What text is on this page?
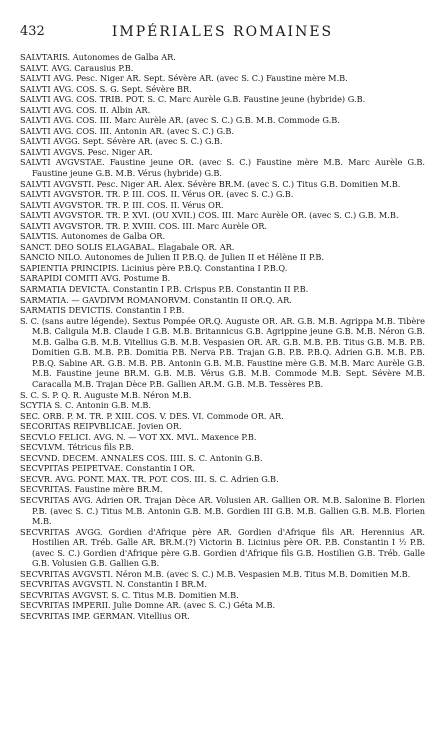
432	IMPÉRIALES ROMAINES

SALVTARIS. Autonomes de Galba AR.

SALVT. AVG. Carausius P.B.

SALVTI AVG. Pesc. Niger AR. Sept. Sévère AR. (avec S. C.) Faustine mère M.B.

SALVTI AVG. COS. S. G. Sept. Sévère BR.

SALVTI AVG. COS. TRIB. POT. S. C. Marc Aurèle G.B. Faustine jeune (hybride) G.B.

SALVTI AVG. COS. II. Albin AR.

SALVTI AVG. COS. III. Marc Aurèle AR. (avec S. C.) G.B. M.B. Commode G.B.

SALVTI AVG. COS. III. Antonin AR. (avec S. C.) G.B.

SALVTI AVGG. Sept. Sévère AR. (avec S. C.) G.B.

SALVTI AVGVS. Pesc. Niger AR.

SALVTI AVGVSTAE. Faustine jeune OR. (avec S. C.) Faustine mère M.B. Marc Aurèle G.B. Faustine jeune G.B. M.B. Vérus (hybride) G.B.

SALVTI AVGVSTI. Pesc. Niger AR. Alex. Sévère BR.M. (avec S. C.) Titus G.B. Domitien M.B.

SALVTI AVGVSTOR. TR. P. III. COS. II. Vérus OR. (avec S. C.) G.B.

SALVTI AVGVSTOR. TR. P. III. COS. II. Vérus OR.

SALVTI AVGVSTOR. TR. P. XVI. (OU XVII.) COS. III. Marc Aurèle OR. (avec S. C.) G.B. M.B.

SALVTI AVGVSTOR. TR. P. XVIII. COS. III. Marc Aurèle OR.

SALVTIS. Autonomes de Galba OR.

SANCT. DEO SOLIS ELAGABAL. Elagabale OR. AR.

SANCIO NILO. Autonomes de Julien II P.B.Q. de Julien II et Hélène II P.B.

SAPIENTIA PRINCIPIS. Licinius père P.B.Q. Constantina I P.B.Q.

SARAPIDI COMITI AVG. Postume B.

SARMATIA DEVICTA. Constantin I P.B. Crispus P.B. Constantin II P.B.

SARMATIA. — GAVDIVM ROMANORVM. Constantin II OR.Q. AR.

SARMATIS DEVICTIS. Constantin I P.B.

S. C. (sans autre légende). Sextus Pompée OR.Q. Auguste OR. AR. G.B. M.B. Agrippa M.B. Tibère M.B. Caligula M.B. Claude I G.B. M.B. Britannicus G.B. Agrippine jeune G.B. M.B. Néron G.B. M.B. Galba G.B. M.B. Vitellius G.B. M.B. Vespasien OR. AR. G.B. M.B. P.B. Titus G.B. M.B. P.B. Domitien G.B. M.B. P.B. Domitia P.B. Nerva P.B. Trajan G.B. P.B. P.B.Q. Adrien G.B. M.B. P.B. P.B.Q. Sabine AR. G.B. M.B. P.B. Antonin G.B. M.B. Faustine mère G.B. M.B. Marc Aurèle G.B. M.B. Faustine jeune BR.M. G.B. M.B. Vérus G.B. M.B. Commode M.B. Sept. Sévère M.B. Caracalla M.B. Trajan Dèce P.B. Gallien AR.M. G.B. M.B. Tessères P.B.

S. C. S. P. Q. R. Auguste M.B. Néron M.B.

SCYTIA S. C. Antonin G.B. M.B.

SEC. ORB. P. M. TR. P. XIII. COS. V. DES. VI. Commode OR. AR.

SECORITAS REIPVBLICAE. Jovien OR.

SECVLO FELICI. AVG. N. — VOT XX. MVL. Maxence P.B.

SECVLVM. Tétricus fils P.B.

SECVND. DECEM. ANNALES COS. IIII. S. C. Antonin G.B.

SECVPITAS PEIPETVAE. Constantin I OR.

SECVR. AVG. PONT. MAX. TR. POT. COS. III. S. C. Adrien G.B.

SECVRITAS. Faustine mère BR.M.

SECVRITAS AVG. Adrien OR. Trajan Dèce AR. Volusien AR. Gallien OR. M.B. Salonine B. Florien P.B. (avec S. C.) Titus M.B. Antonin G.B. M.B. Gordien III G.B. M.B. Gallien G.B. M.B. Florien M.B.

SECVRITAS AVGG. Gordien d'Afrique père AR. Gordien d'Afrique fils AR. Herennius AR. Hostilien AR. Tréb. Galle AR. BR.M.(?) Victorin B. Licinius père OR. P.B. Constantin I ½ P.B. (avec S. C.) Gordien d'Afrique père G.B. Gordien d'Afrique fils G.B. Hostilien G.B. Tréb. Galle G.B. Volusien G.B. Gallien G.B.

SECVRITAS AVGVSTI. Néron M.B. (avec S. C.) M.B. Vespasien M.B. Titus M.B. Domitien M.B.

SECVRITAS AVGVSTI. N. Constantin I BR.M.

SECVRITAS AVGVST. S. C. Titus M.B. Domitien M.B.

SECVRITAS IMPERII. Julie Domne AR. (avec S. C.) Géta M.B.

SECVRITAS IMP. GERMAN. Vitellius OR.
